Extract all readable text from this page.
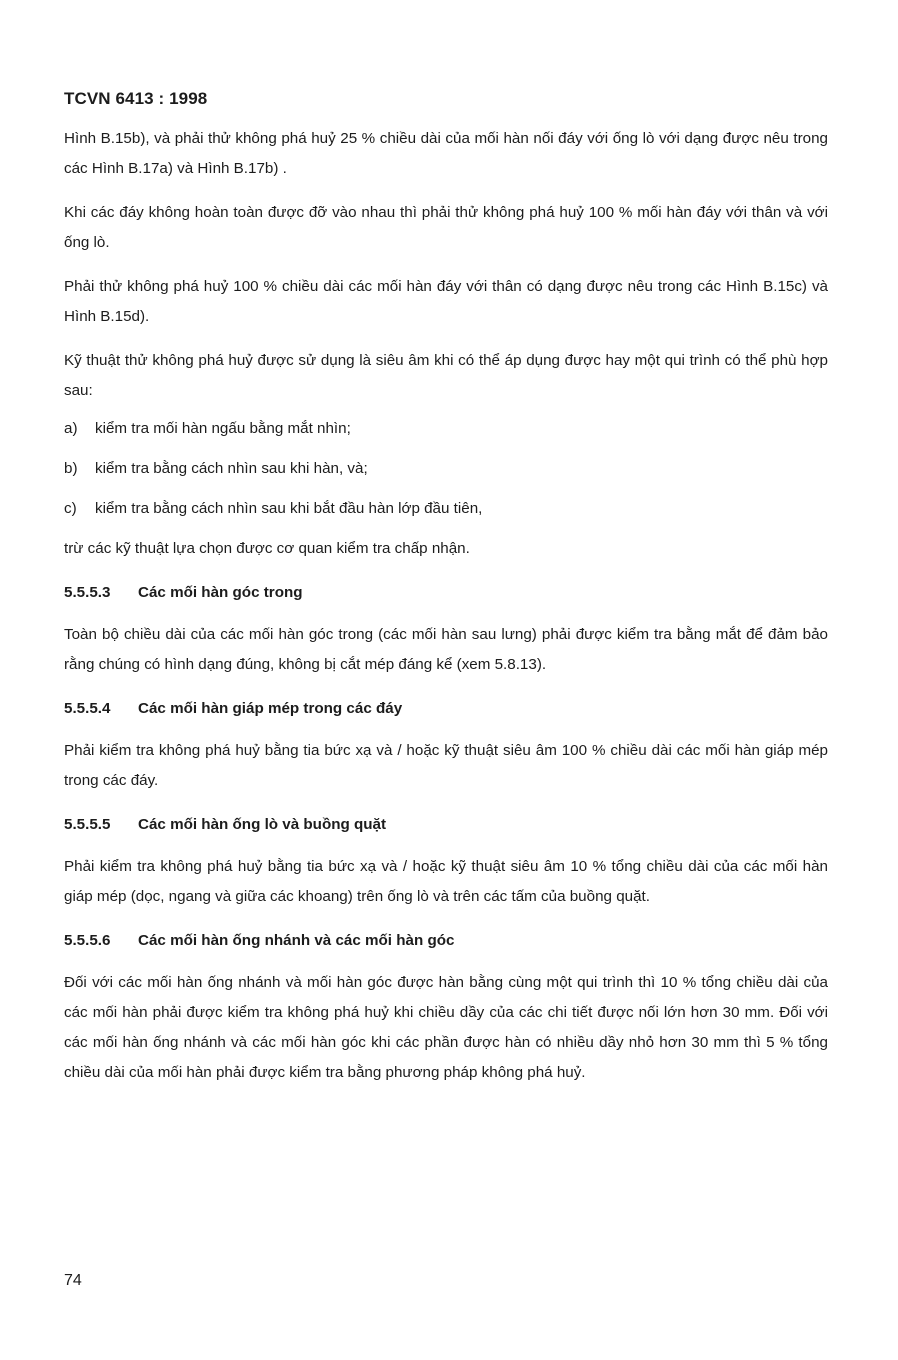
TCVN 6413 : 1998

Hình B.15b), và phải thử không phá huỷ 25 % chiều dài của mối hàn nối đáy với ống lò với dạng được nêu trong các Hình B.17a) và Hình B.17b) .

Khi các đáy không hoàn toàn được đỡ vào nhau thì phải thử không phá huỷ 100 % mối hàn đáy với thân và với ống lò.

Phải thử không phá huỷ 100 % chiều dài các mối hàn đáy với thân có dạng được nêu trong các Hình B.15c) và Hình B.15d).

Kỹ thuật thử không phá huỷ được sử dụng là siêu âm khi có thể áp dụng được hay một qui trình có thể phù hợp sau:

a)	kiểm tra mối hàn ngấu bằng mắt nhìn;
b)	kiểm tra bằng cách nhìn sau khi hàn, và;
c)	kiểm tra bằng cách nhìn sau khi bắt đầu hàn lớp đầu tiên,

trừ các kỹ thuật lựa chọn được cơ quan kiểm tra chấp nhận.

5.5.5.3	Các mối hàn góc trong

Toàn bộ chiều dài của các mối hàn góc trong (các mối hàn sau lưng) phải được kiểm tra bằng mắt để đảm bảo rằng chúng có hình dạng đúng, không bị cắt mép đáng kể (xem 5.8.13).

5.5.5.4	Các mối hàn giáp mép trong các đáy

Phải kiểm tra không phá huỷ bằng tia bức xạ và / hoặc kỹ thuật siêu âm 100 % chiều dài các mối hàn giáp mép trong các đáy.

5.5.5.5	Các mối hàn ống lò và buồng quặt

Phải kiểm tra không phá huỷ bằng tia bức xạ và / hoặc kỹ thuật siêu âm 10 % tổng chiều dài của các mối hàn giáp mép (dọc, ngang và giữa các khoang) trên ống lò và trên các tấm của buồng quặt.

5.5.5.6	Các mối hàn ống nhánh và các mối hàn góc

Đối với các mối hàn ống nhánh và mối hàn góc được hàn bằng cùng một qui trình thì 10 % tổng chiều dài của các mối hàn phải được kiểm tra không phá huỷ khi chiều dầy của các chi tiết được nối lớn hơn 30 mm. Đối với các mối hàn ống nhánh và các mối hàn góc khi các phần được hàn có nhiều dầy nhỏ hơn 30 mm thì 5 % tổng chiều dài của mối hàn phải được kiểm tra bằng phương pháp không phá huỷ.

74
